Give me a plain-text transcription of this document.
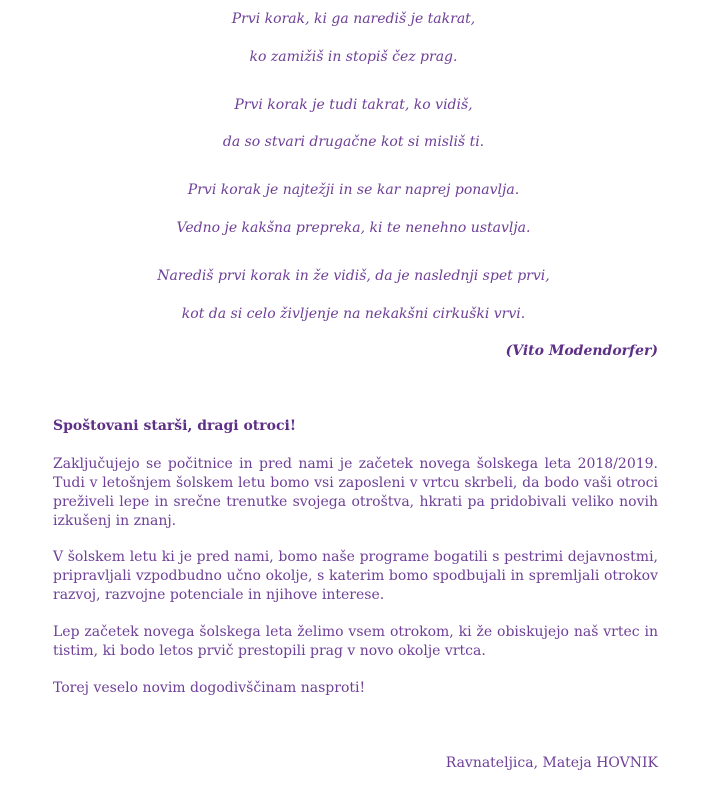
Prvi korak, ki ga narediš je takrat,
ko zamižiš in stopiš čez prag.
Prvi korak je tudi takrat, ko vidiš,
da so stvari drugačne kot si misliš ti.
Prvi korak je najtežji in se kar naprej ponavlja.
Vedno je kakšna prepreka, ki te nenehno ustavlja.
Narediš prvi korak in že vidiš, da je naslednji spet prvi,
kot da si celo življenje na nekakšni cirkuški vrvi.
(Vito Modendorfer)
Spoštovani starši, dragi otroci!
Zaključujejo se počitnice in pred nami je začetek novega šolskega leta 2018/2019. Tudi v letošnjem šolskem letu bomo vsi zaposleni v vrtcu skrbeli, da bodo vaši otroci preživeli lepe in srečne trenutke svojega otroštva, hkrati pa pridobivali veliko novih izkušenj in znanj.
V šolskem letu ki je pred nami, bomo naše programe bogatili s pestrimi dejavnostmi, pripravljali vzpodbudno učno okolje, s katerim bomo spodbujali in spremljali otrokov razvoj, razvojne potenciale in njihove interese.
Lep začetek novega šolskega leta želimo vsem otrokom, ki že obiskujejo naš vrtec in tistim, ki bodo letos prvič prestopili prag v novo okolje vrtca.
Torej veselo novim dogodivščinam nasproti!
Ravnateljica, Mateja HOVNIK
